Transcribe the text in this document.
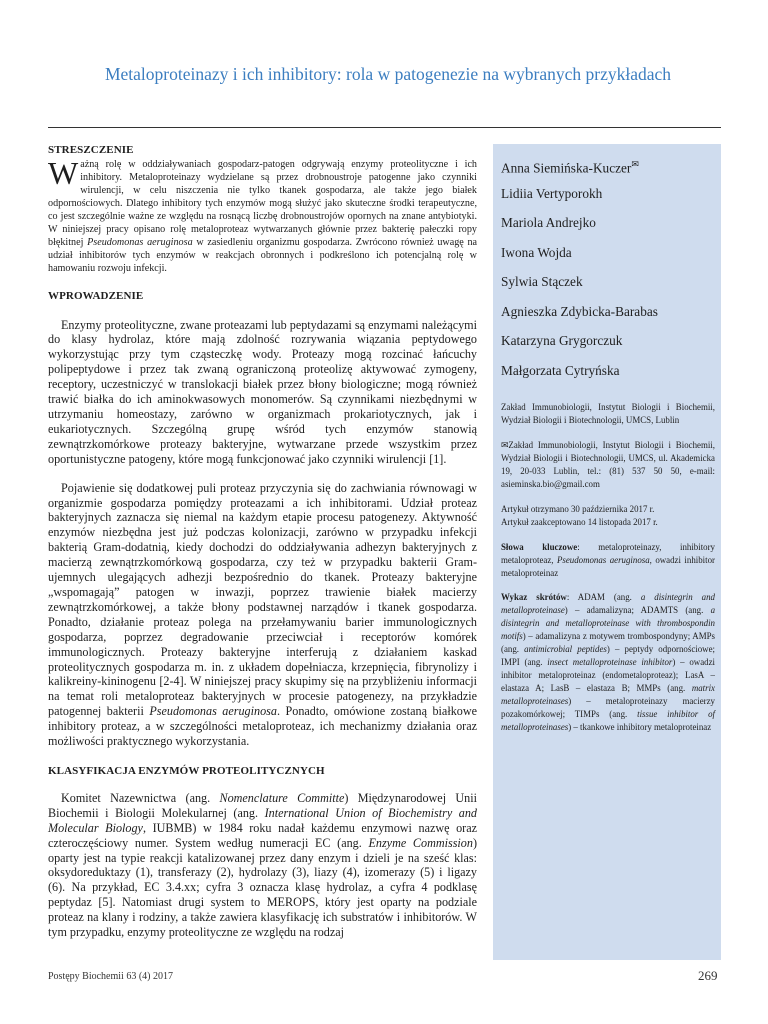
Metaloproteinazy i ich inhibitory: rola w patogenezie na wybranych przykładach
STRESZCZENIE

Ważną rolę w oddziaływaniach gospodarz-patogen odgrywają enzymy proteolityczne i ich inhibitory. Metaloproteinazy wydzielane są przez drobnoustroje patogenne jako czynniki wirulencji, w celu niszczenia nie tylko tkanek gospodarza, ale także jego białek odpornościowych. Dlatego inhibitory tych enzymów mogą służyć jako skuteczne środki terapeutyczne, co jest szczególnie ważne ze względu na rosnącą liczbę drobnoustrojów opornych na znane antybiotyki. W niniejszej pracy opisano rolę metaloproteaz wytwarzanych głównie przez bakterię pałeczki ropy błękitnej Pseudomonas aeruginosa w zasiedleniu organizmu gospodarza. Zwrócono również uwagę na udział inhibitorów tych enzymów w reakcjach obronnych i podkreślono ich potencjalną rolę w hamowaniu rozwoju infekcji.

WPROWADZENIE

Enzymy proteolityczne, zwane proteazami lub peptydazami są enzymami należącymi do klasy hydrolaz, które mają zdolność rozrywania wiązania peptydowego wykorzystując przy tym cząsteczkę wody. Proteazy mogą rozcinać łańcuchy polipeptydowe i przez tak zwaną ograniczoną proteolizę aktywować zymogeny, receptory, uczestniczyć w translokacji białek przez błony biologiczne; mogą również trawić białka do ich aminokwasowych monomerów. Są czynnikami niezbędnymi w utrzymaniu homeostazy, zarówno w organizmach prokariotycznych, jak i eukariotycznych. Szczególną grupę wśród tych enzymów stanowią zewnątrzkomórkowe proteazy bakteryjne, wytwarzane przede wszystkim przez oportunistyczne patogeny, które mogą funkcjonować jako czynniki wirulencji [1].

Pojawienie się dodatkowej puli proteaz przyczynia się do zachwiania równowagi w organizmie gospodarza pomiędzy proteazami a ich inhibitorami. Udział proteaz bakteryjnych zaznacza się niemal na każdym etapie procesu patogenezy. Aktywność enzymów niezbędna jest już podczas kolonizacji, zarówno w przypadku infekcji bakterią Gram-dodatnią, kiedy dochodzi do oddziaływania adhezyn bakteryjnych z macierzą zewnątrzkomórkową gospodarza, czy też w przypadku bakterii Gram-ujemnych ulegających adhezji bezpośrednio do tkanek. Proteazy bakteryjne „wspomagają” patogen w inwazji, poprzez trawienie białek macierzy zewnątrzkomórkowej, a także błony podstawnej narządów i tkanek gospodarza. Ponadto, działanie proteaz polega na przełamywaniu barier immunologicznych gospodarza, poprzez degradowanie przeciwciał i receptorów komórek immunologicznych. Proteazy bakteryjne interferują z działaniem kaskad proteolitycznych gospodarza m. in. z układem dopełniacza, krzepnięcia, fibrynolizy i kalikreiny-kininogenu [2-4]. W niniejszej pracy skupimy się na przybliżeniu informacji na temat roli metaloproteaz bakteryjnych w procesie patogenezy, na przykładzie patogennej bakterii Pseudomonas aeruginosa. Ponadto, omówione zostaną białkowe inhibitory proteaz, a w szczególności metaloproteaz, ich mechanizmy działania oraz możliwości praktycznego wykorzystania.

KLASYFIKACJA ENZYMÓW PROTEOLITYCZNYCH

Komitet Nazewnictwa (ang. Nomenclature Committe) Międzynarodowej Unii Biochemii i Biologii Molekularnej (ang. International Union of Biochemistry and Molecular Biology, IUBMB) w 1984 roku nadał każdemu enzymowi nazwę oraz czteroczęściowy numer. System według numeracji EC (ang. Enzyme Commission) oparty jest na typie reakcji katalizowanej przez dany enzym i dzieli je na sześć klas: oksydoreduktazy (1), transferazy (2), hydrolazy (3), liazy (4), izomerazy (5) i ligazy (6). Na przykład, EC 3.4.xx; cyfra 3 oznacza klasę hydrolaz, a cyfra 4 podklasę peptydaz [5]. Natomiast drugi system to MEROPS, który jest oparty na podziale proteaz na klany i rodziny, a także zawiera klasyfikację ich substratów i inhibitorów. W tym przypadku, enzymy proteolityczne ze względu na rodzaj

Anna Siemińska-Kuczer✉

Lidiia Vertyporokh

Mariola Andrejko

Iwona Wojda

Sylwia Stączek

Agnieszka Zdybicka-Barabas

Katarzyna Grygorczuk

Małgorzata Cytryńska

Zakład Immunobiologii, Instytut Biologii i Biochemii, Wydział Biologii i Biotechnologii, UMCS, Lublin

✉Zakład Immunobiologii, Instytut Biologii i Biochemii, Wydział Biologii i Biotechnologii, UMCS, ul. Akademicka 19, 20-033 Lublin, tel.: (81) 537 50 50, e-mail: asieminska.bio@gmail.com

Artykuł otrzymano 30 października 2017 r.

Artykuł zaakceptowano 14 listopada 2017 r.

Słowa kluczowe: metaloproteinazy, inhibitory metaloproteaz, Pseudomonas aeruginosa, owadzi inhibitor metaloproteinaz

Wykaz skrótów: ADAM (ang. a disintegrin and metalloproteinase) – adamalizyna; ADAMTS (ang. a disintegrin and metalloproteinase with thrombospondin motifs) – adamalizyna z motywem trombospondyny; AMPs (ang. antimicrobial peptides) – peptydy odpornościowe; IMPI (ang. insect metalloproteinase inhibitor) – owadzi inhibitor metaloproteinaz (endometaloproteaz); LasA – elastaza A; LasB – elastaza B; MMPs (ang. matrix metalloproteinases) – metaloproteinazy macierzy pozakomórkowej; TIMPs (ang. tissue inhibitor of metalloproteinases) – tkankowe inhibitory metaloproteinaz

Postępy Biochemii 63 (4) 2017	269
